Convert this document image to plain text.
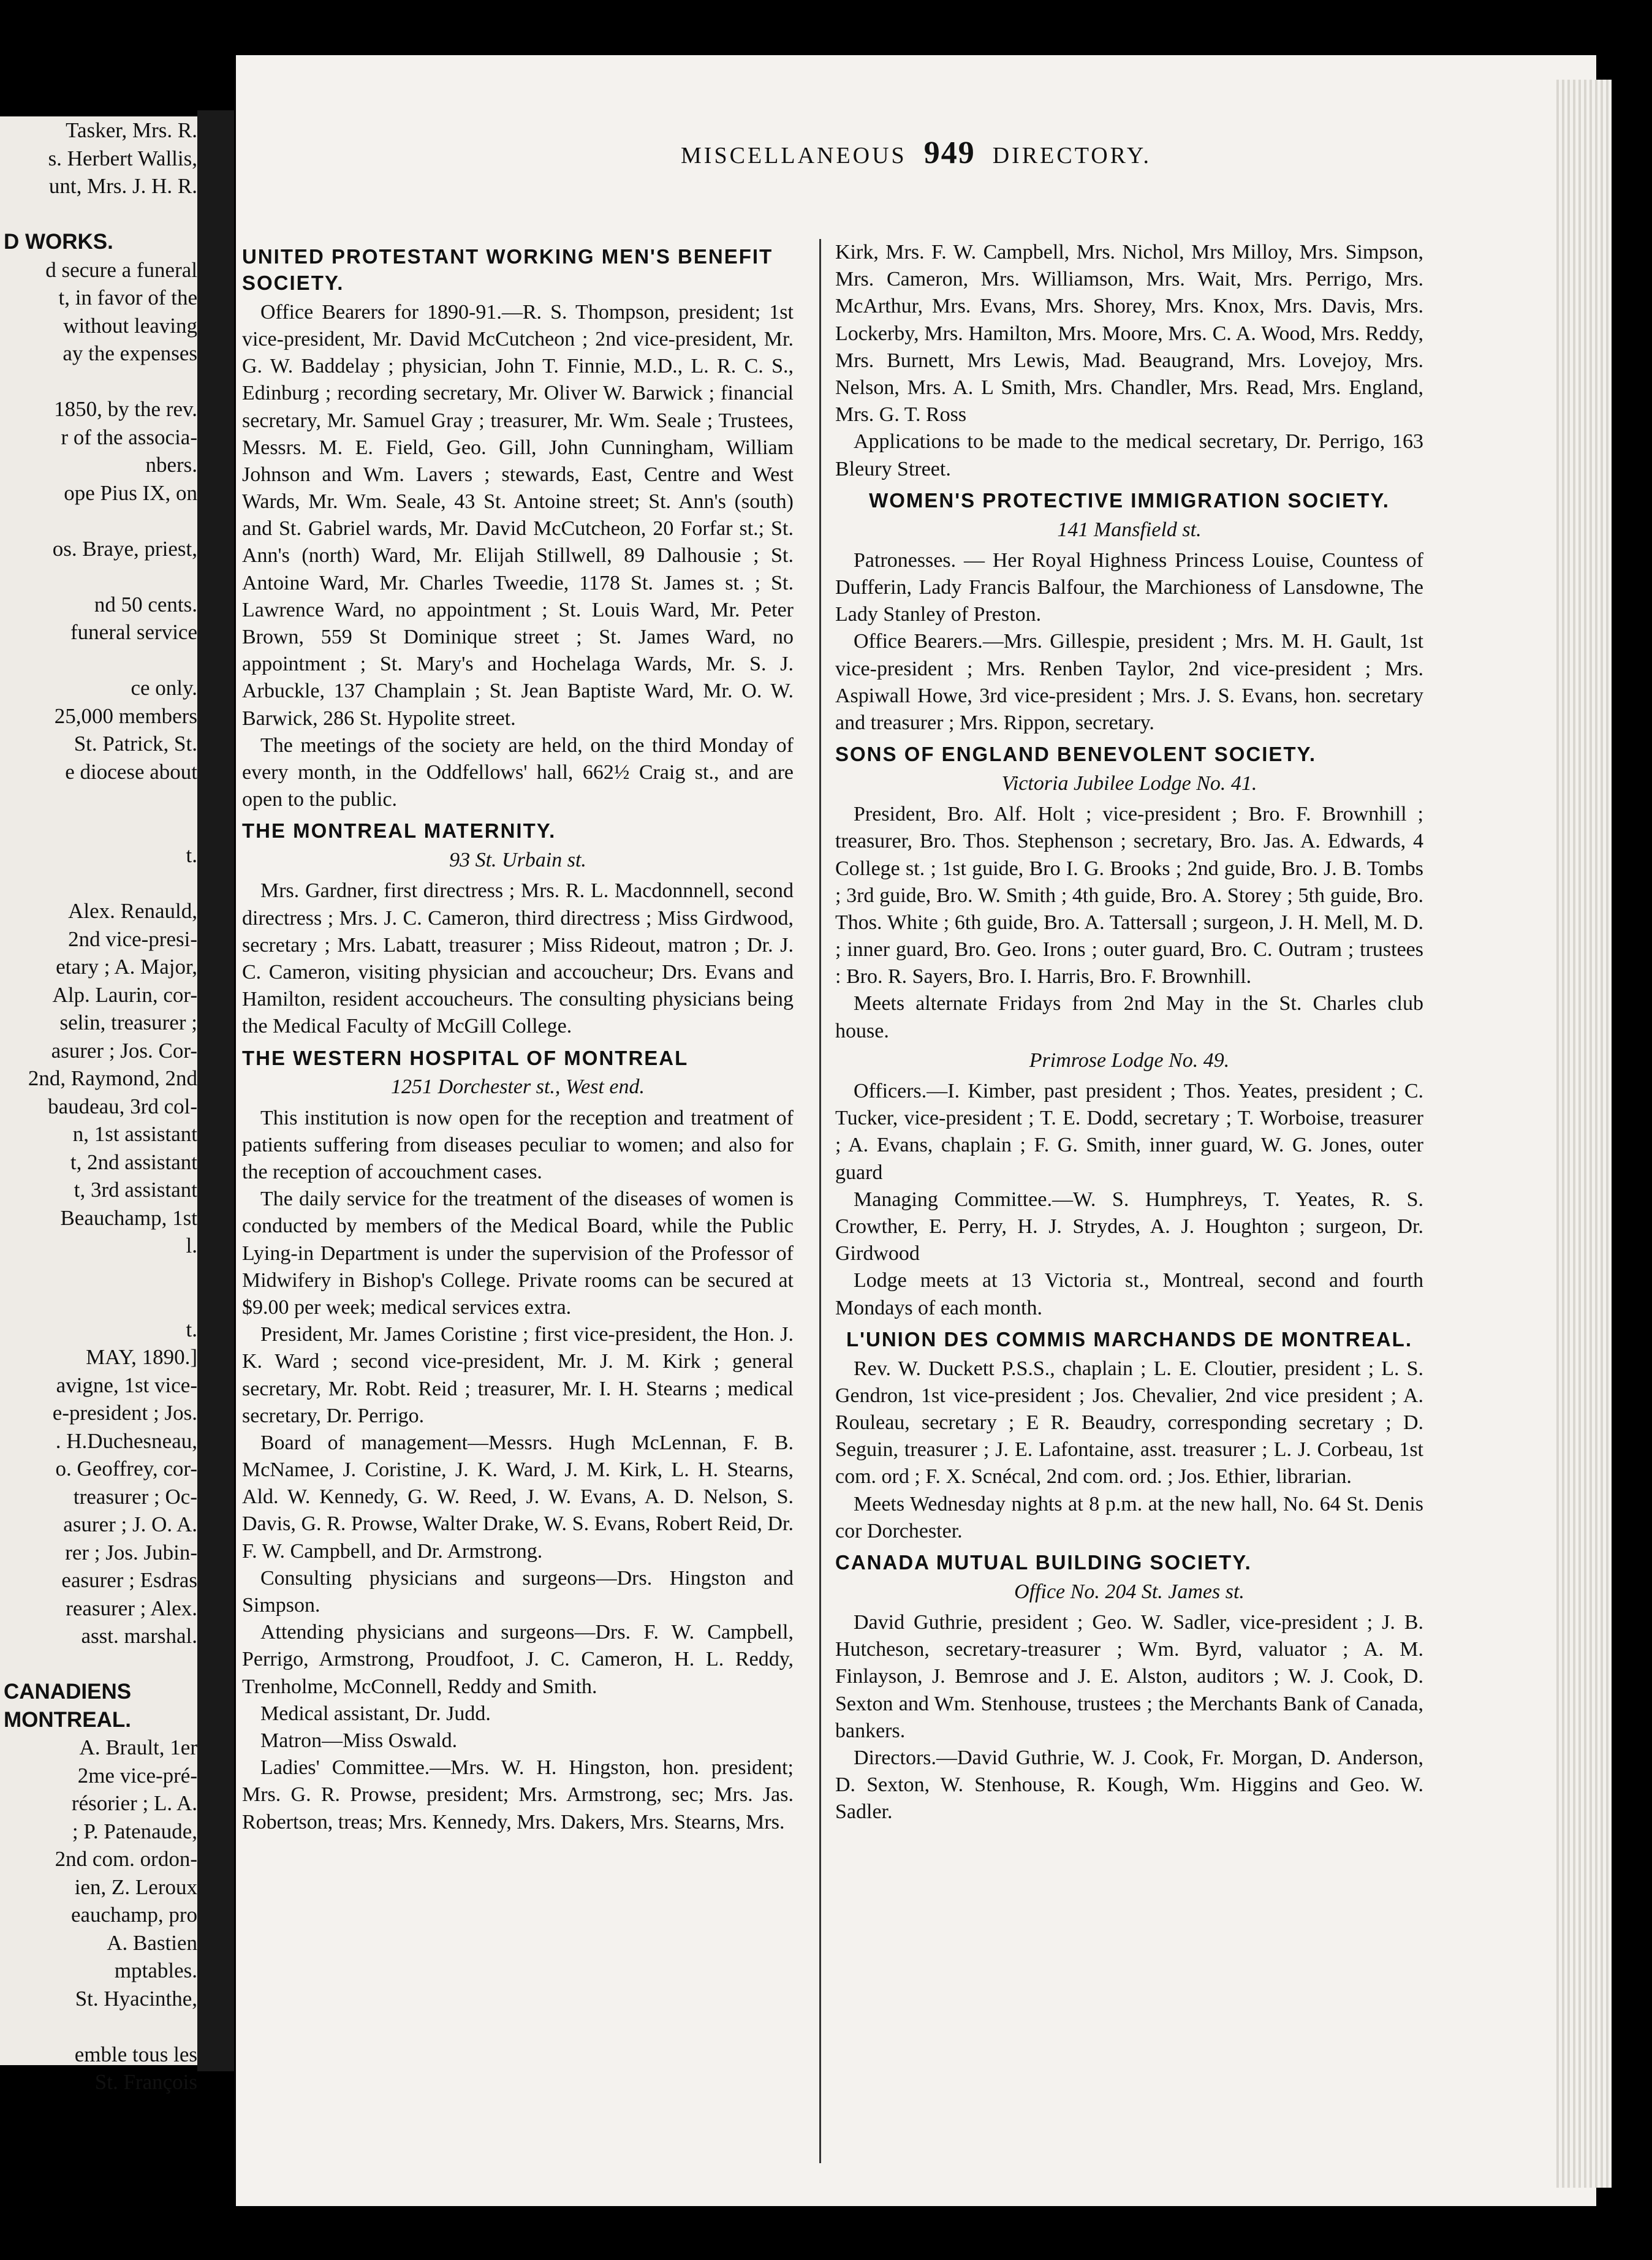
Tasker, Mrs. R.
s. Herbert Wallis,
unt, Mrs. J. H. R.

D WORKS.
d secure a funeral
t, in favor of the
without leaving
ay the expenses

1850, by the rev.
r of the associa-
nbers.
ope Pius IX, on

os. Braye, priest,

nd 50 cents.
funeral service

ce only.
25,000 members
St. Patrick, St.
e diocese about

t.

Alex. Renauld,
2nd vice-presi-
etary ; A. Major,
Alp. Laurin, cor-
selin, treasurer ;
asurer ; Jos. Cor-
2nd, Raymond, 2nd
baudeau, 3rd col-
n, 1st assistant
t, 2nd assistant
t, 3rd assistant
Beauchamp, 1st
l.

t.
MAY, 1890.]
avigne, 1st vice-
e-president ; Jos.
. H.Duchesneau,
o. Geoffrey, cor-
treasurer ; Oc-
asurer ; J. O. A.
rer ; Jos. Jubin-
easurer ; Esdras
reasurer ; Alex.
asst. marshal.

CANADIENS
MONTREAL.
A. Brault, 1er
2me vice-pré-
résorier ; L. A.
; P. Patenaude,
2nd com. ordon-
ien, Z. Leroux
eauchamp, pro
A. Bastien
mptables.
St. Hyacinthe,

emble tous les
St. François
MISCELLANEOUS 949 DIRECTORY.
UNITED PROTESTANT WORKING MEN'S BENEFIT SOCIETY.

Office Bearers for 1890-91.—R. S. Thompson, president; 1st vice-president, Mr. David McCutcheon ; 2nd vice-president, Mr. G. W. Baddelay ; physician, John T. Finnie, M.D., L. R. C. S., Edinburg ; recording secretary, Mr. Oliver W. Barwick ; financial secretary, Mr. Samuel Gray ; treasurer, Mr. Wm. Seale ; Trustees, Messrs. M. E. Field, Geo. Gill, John Cunningham, William Johnson and Wm. Lavers ; stewards, East, Centre and West Wards, Mr. Wm. Seale, 43 St. Antoine street; St. Ann's (south) and St. Gabriel wards, Mr. David McCutcheon, 20 Forfar st.; St. Ann's (north) Ward, Mr. Elijah Stillwell, 89 Dalhousie ; St. Antoine Ward, Mr. Charles Tweedie, 1178 St. James st. ; St. Lawrence Ward, no appointment ; St. Louis Ward, Mr. Peter Brown, 559 St Dominique street ; St. James Ward, no appointment ; St. Mary's and Hochelaga Wards, Mr. S. J. Arbuckle, 137 Champlain ; St. Jean Baptiste Ward, Mr. O. W. Barwick, 286 St. Hypolite street.

The meetings of the society are held, on the third Monday of every month, in the Oddfellows' hall, 662½ Craig st., and are open to the public.

THE MONTREAL MATERNITY.
93 St. Urbain st.

Mrs. Gardner, first directress ; Mrs. R. L. Macdonnnell, second directress ; Mrs. J. C. Cameron, third directress ; Miss Girdwood, secretary ; Mrs. Labatt, treasurer ; Miss Rideout, matron ; Dr. J. C. Cameron, visiting physician and accoucheur; Drs. Evans and Hamilton, resident accoucheurs. The consulting physicians being the Medical Faculty of McGill College.

THE WESTERN HOSPITAL OF MONTREAL
1251 Dorchester st., West end.

This institution is now open for the reception and treatment of patients suffering from diseases peculiar to women; and also for the reception of accouchment cases.

The daily service for the treatment of the diseases of women is conducted by members of the Medical Board, while the Public Lying-in Department is under the supervision of the Professor of Midwifery in Bishop's College. Private rooms can be secured at $9.00 per week; medical services extra.

President, Mr. James Coristine ; first vice-president, the Hon. J. K. Ward ; second vice-president, Mr. J. M. Kirk ; general secretary, Mr. Robt. Reid ; treasurer, Mr. I. H. Stearns ; medical secretary, Dr. Perrigo.

Board of management—Messrs. Hugh McLennan, F. B. McNamee, J. Coristine, J. K. Ward, J. M. Kirk, L. H. Stearns, Ald. W. Kennedy, G. W. Reed, J. W. Evans, A. D. Nelson, S. Davis, G. R. Prowse, Walter Drake, W. S. Evans, Robert Reid, Dr. F. W. Campbell, and Dr. Armstrong.

Consulting physicians and surgeons—Drs. Hingston and Simpson.

Attending physicians and surgeons—Drs. F. W. Campbell, Perrigo, Armstrong, Proudfoot, J. C. Cameron, H. L. Reddy, Trenholme, McConnell, Reddy and Smith.

Medical assistant, Dr. Judd.

Matron—Miss Oswald.

Ladies' Committee.—Mrs. W. H. Hingston, hon. president; Mrs. G. R. Prowse, president; Mrs. Armstrong, sec; Mrs. Jas. Robertson, treas; Mrs. Kennedy, Mrs. Dakers, Mrs. Stearns, Mrs.

Kirk, Mrs. F. W. Campbell, Mrs. Nichol, Mrs Milloy, Mrs. Simpson, Mrs. Cameron, Mrs. Williamson, Mrs. Wait, Mrs. Perrigo, Mrs. McArthur, Mrs. Evans, Mrs. Shorey, Mrs. Knox, Mrs. Davis, Mrs. Lockerby, Mrs. Hamilton, Mrs. Moore, Mrs. C. A. Wood, Mrs. Reddy, Mrs. Burnett, Mrs Lewis, Mad. Beaugrand, Mrs. Lovejoy, Mrs. Nelson, Mrs. A. L Smith, Mrs. Chandler, Mrs. Read, Mrs. England, Mrs. G. T. Ross

Applications to be made to the medical secretary, Dr. Perrigo, 163 Bleury Street.

WOMEN'S PROTECTIVE IMMIGRATION SOCIETY.
141 Mansfield st.

Patronesses. — Her Royal Highness Princess Louise, Countess of Dufferin, Lady Francis Balfour, the Marchioness of Lansdowne, The Lady Stanley of Preston.

Office Bearers.—Mrs. Gillespie, president ; Mrs. M. H. Gault, 1st vice-president ; Mrs. Renben Taylor, 2nd vice-president ; Mrs. Aspiwall Howe, 3rd vice-president ; Mrs. J. S. Evans, hon. secretary and treasurer ; Mrs. Rippon, secretary.

SONS OF ENGLAND BENEVOLENT SOCIETY.
Victoria Jubilee Lodge No. 41.

President, Bro. Alf. Holt ; vice-president ; Bro. F. Brownhill ; treasurer, Bro. Thos. Stephenson ; secretary, Bro. Jas. A. Edwards, 4 College st. ; 1st guide, Bro I. G. Brooks ; 2nd guide, Bro. J. B. Tombs ; 3rd guide, Bro. W. Smith ; 4th guide, Bro. A. Storey ; 5th guide, Bro. Thos. White ; 6th guide, Bro. A. Tattersall ; surgeon, J. H. Mell, M. D. ; inner guard, Bro. Geo. Irons ; outer guard, Bro. C. Outram ; trustees : Bro. R. Sayers, Bro. I. Harris, Bro. F. Brownhill.

Meets alternate Fridays from 2nd May in the St. Charles club house.

Primrose Lodge No. 49.

Officers.—I. Kimber, past president ; Thos. Yeates, president ; C. Tucker, vice-president ; T. E. Dodd, secretary ; T. Worboise, treasurer ; A. Evans, chaplain ; F. G. Smith, inner guard, W. G. Jones, outer guard

Managing Committee.—W. S. Humphreys, T. Yeates, R. S. Crowther, E. Perry, H. J. Strydes, A. J. Houghton ; surgeon, Dr. Girdwood

Lodge meets at 13 Victoria st., Montreal, second and fourth Mondays of each month.

L'UNION DES COMMIS MARCHANDS DE MONTREAL.

Rev. W. Duckett P.S.S., chaplain ; L. E. Cloutier, president ; L. S. Gendron, 1st vice-president ; Jos. Chevalier, 2nd vice president ; A. Rouleau, secretary ; E R. Beaudry, corresponding secretary ; D. Seguin, treasurer ; J. E. Lafontaine, asst. treasurer ; L. J. Corbeau, 1st com. ord ; F. X. Scnécal, 2nd com. ord. ; Jos. Ethier, librarian.

Meets Wednesday nights at 8 p.m. at the new hall, No. 64 St. Denis cor Dorchester.

CANADA MUTUAL BUILDING SOCIETY.
Office No. 204 St. James st.

David Guthrie, president ; Geo. W. Sadler, vice-president ; J. B. Hutcheson, secretary-treasurer ; Wm. Byrd, valuator ; A. M. Finlayson, J. Bemrose and J. E. Alston, auditors ; W. J. Cook, D. Sexton and Wm. Stenhouse, trustees ; the Merchants Bank of Canada, bankers.

Directors.—David Guthrie, W. J. Cook, Fr. Morgan, D. Anderson, D. Sexton, W. Stenhouse, R. Kough, Wm. Higgins and Geo. W. Sadler.
